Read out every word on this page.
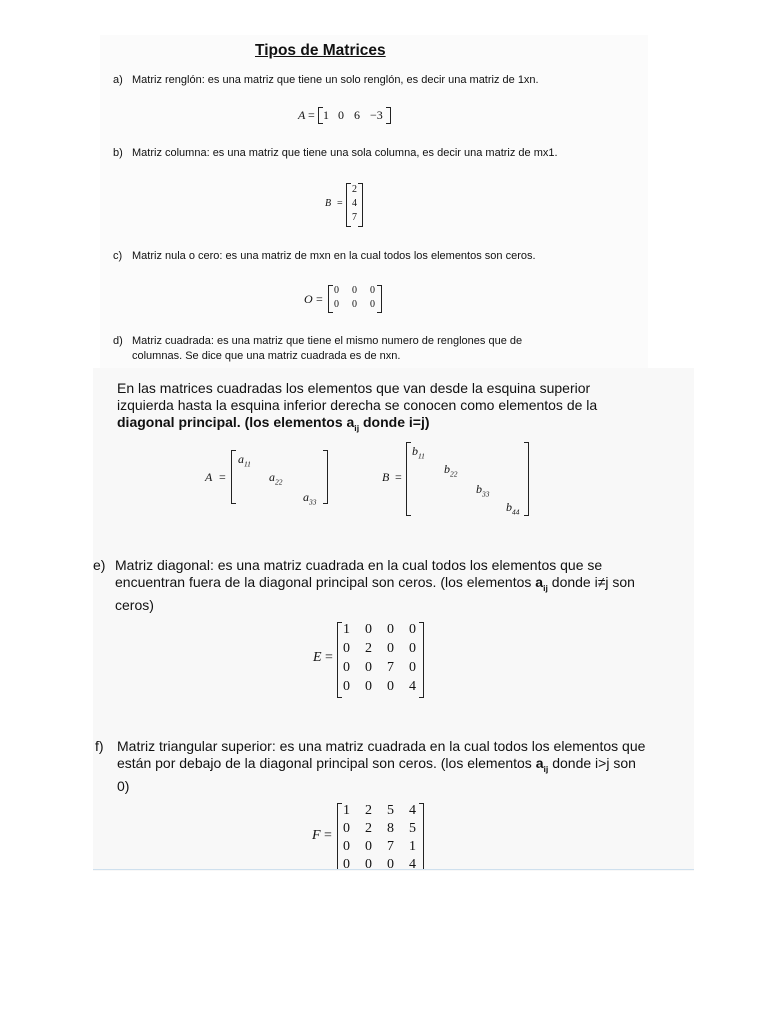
Tipos de Matrices

a) Matriz renglón: es una matriz que tiene un solo renglón, es decir una matriz de 1xn.

A = 1 0 6 −3

b) Matriz columna: es una matriz que tiene una sola columna, es decir una matriz de mx1.

B =
2
4
7

c) Matriz nula o cero: es una matriz de mxn en la cual todos los elementos son ceros.

O =
0 0 0
0 0 0

d) Matriz cuadrada: es una matriz que tiene el mismo numero de renglones que de columnas. Se dice que una matriz cuadrada es de nxn.

En las matrices cuadradas los elementos que van desde la esquina superior izquierda hasta la esquina inferior derecha se conocen como elementos de la diagonal principal. (los elementos $a_{ij}$ donde i=j)

A =
$a_{11}$
$a_{22}$
$a_{33}$
B =
$b_{11}$
$b_{22}$
$b_{33}$
$b_{44}$

e) Matriz diagonal: es una matriz cuadrada en la cual todos los elementos que se encuentran fuera de la diagonal principal son ceros. (los elementos $a_{ij}$ donde i≠j son ceros)

E =
1 0 0 0
0 2 0 0
0 0 7 0
0 0 0 4

f) Matriz triangular superior: es una matriz cuadrada en la cual todos los elementos que están por debajo de la diagonal principal son ceros. (los elementos $a_{ij}$ donde i>j son 0)

F =
1 2 5 4
0 2 8 5
0 0 7 1
0 0 0 4
